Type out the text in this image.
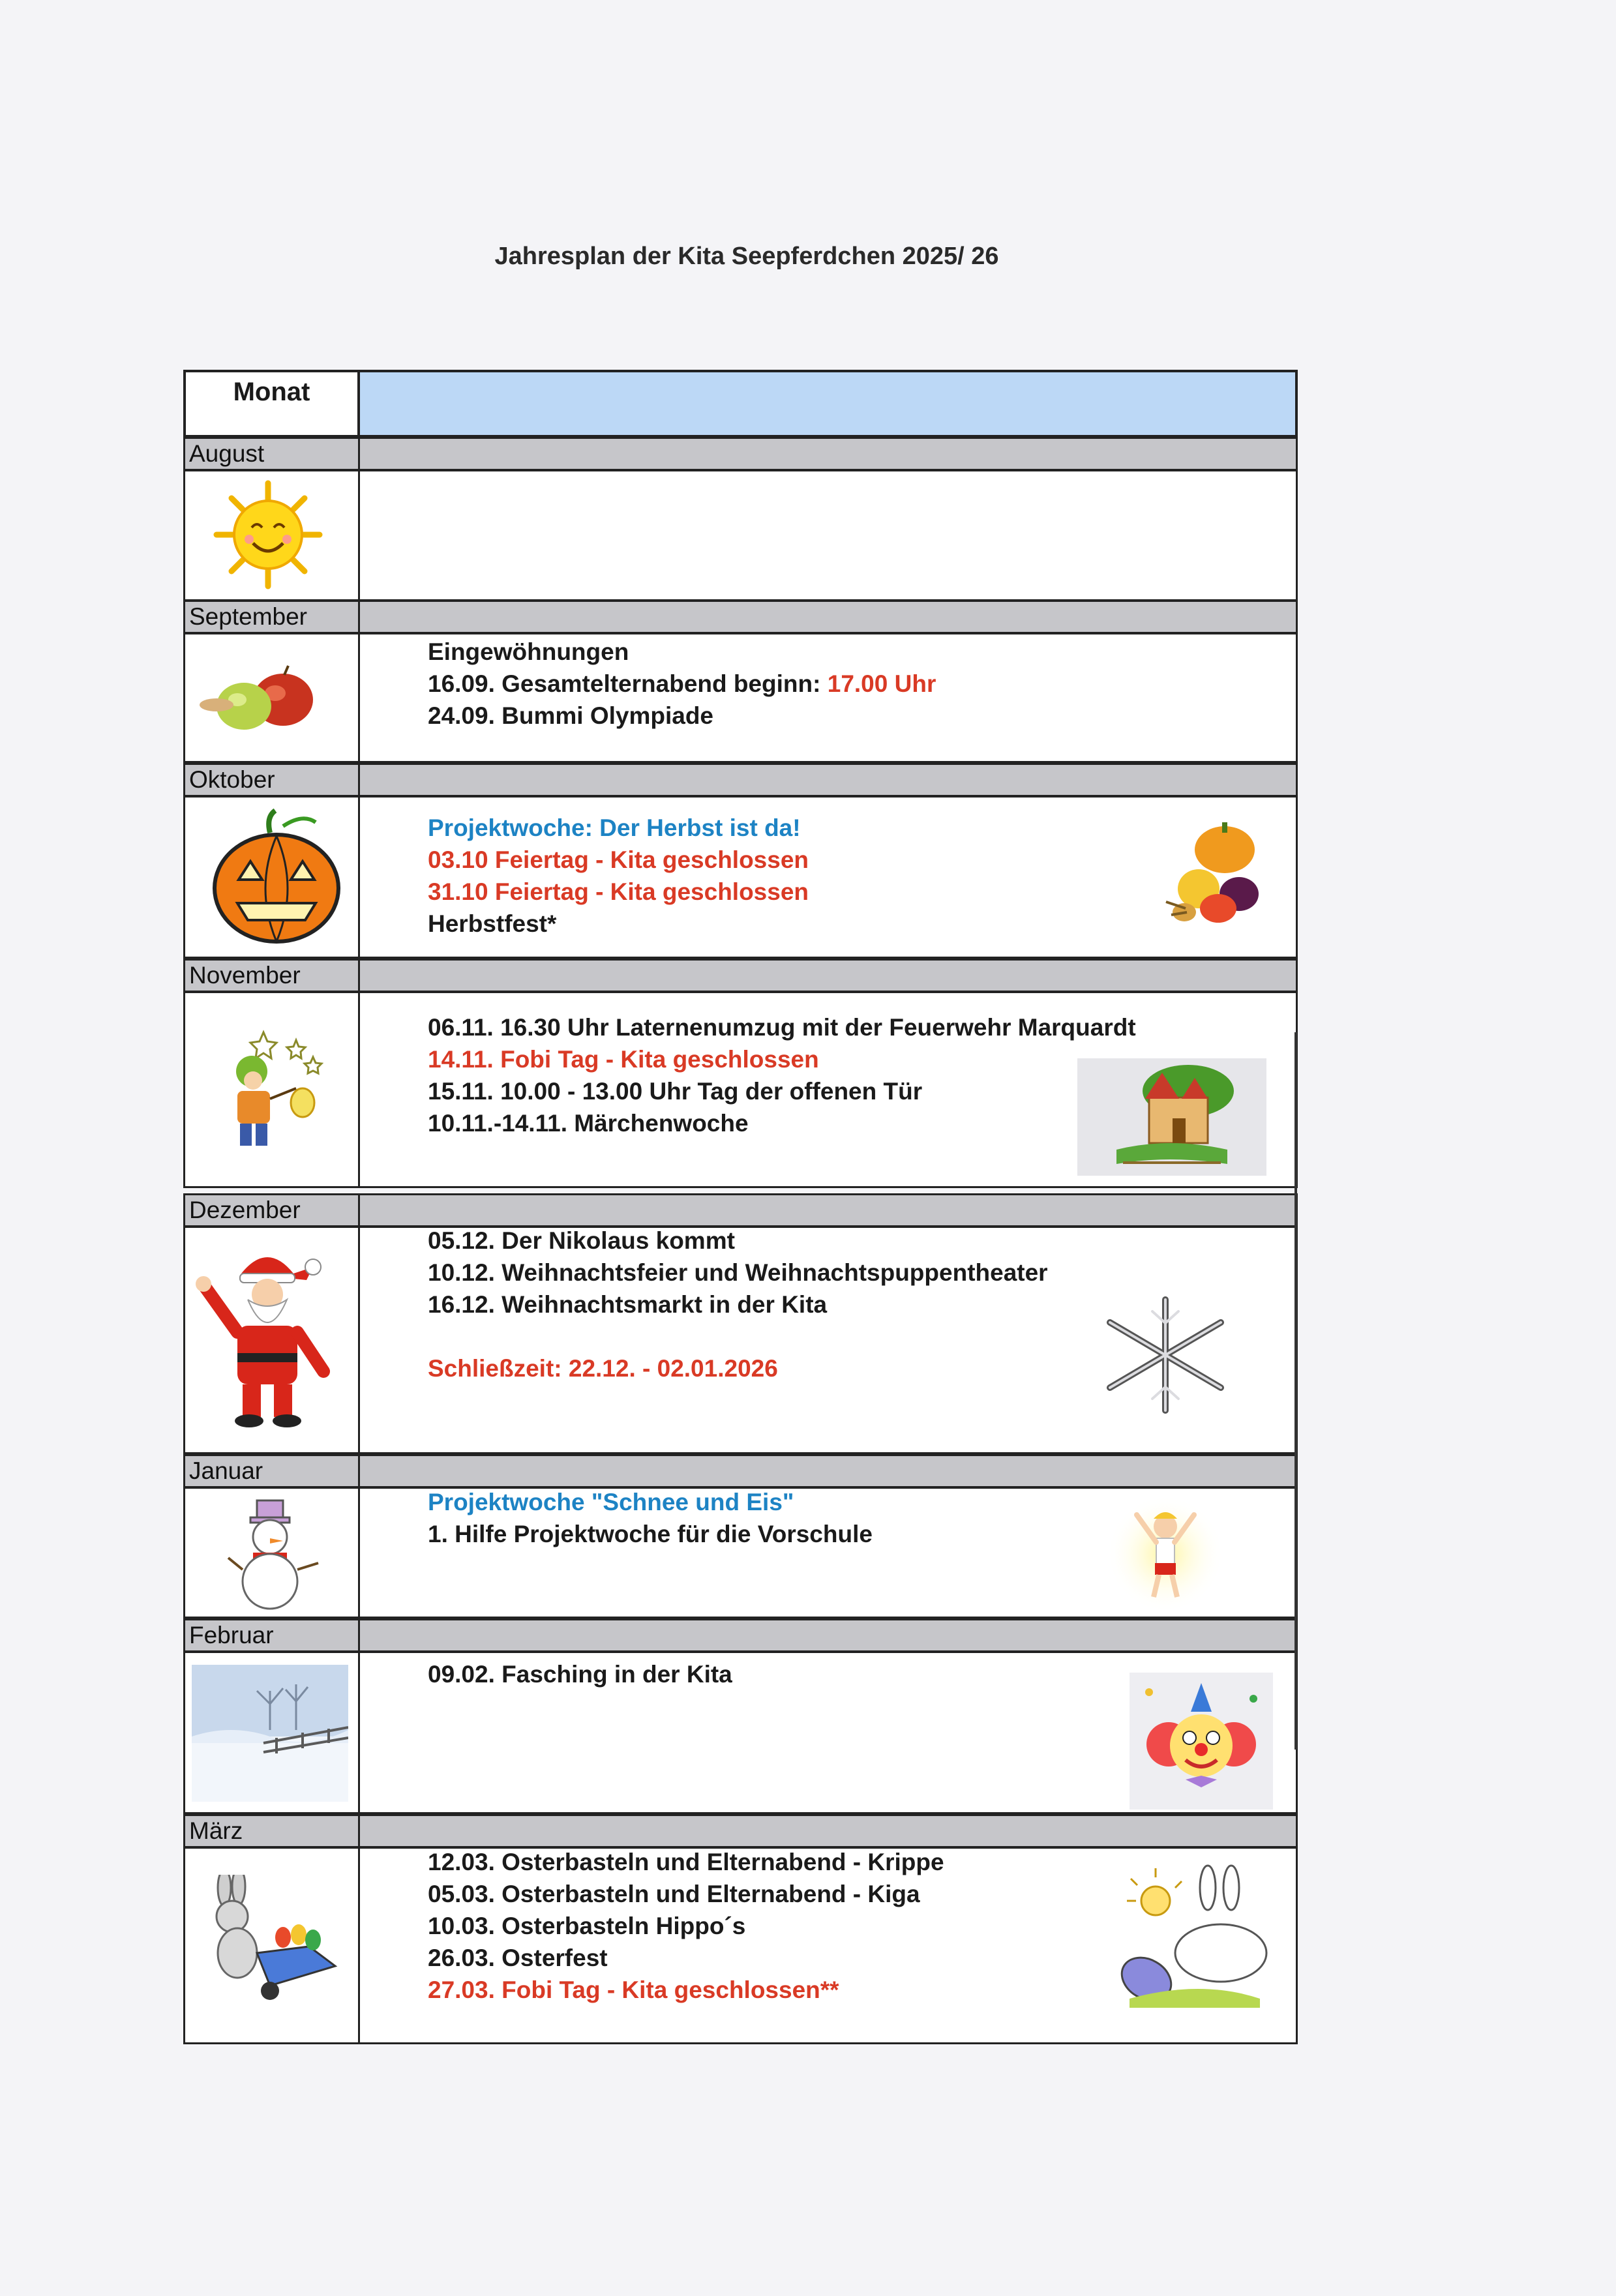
Jahresplan der Kita Seepferdchen 2025/ 26
Monat
August
September
Eingewöhnungen
16.09. Gesamtelternabend beginn: 17.00 Uhr
24.09. Bummi Olympiade
Oktober
Projektwoche: Der Herbst ist da!
03.10 Feiertag - Kita geschlossen
31.10 Feiertag - Kita geschlossen
Herbstfest*
November
06.11. 16.30 Uhr Laternenumzug mit der Feuerwehr Marquardt
14.11. Fobi Tag - Kita geschlossen
15.11. 10.00 - 13.00 Uhr Tag der offenen Tür
10.11.-14.11. Märchenwoche
Dezember
05.12. Der Nikolaus kommt
10.12. Weihnachtsfeier und Weihnachtspuppentheater
16.12. Weihnachtsmarkt in der Kita
Schließzeit: 22.12. - 02.01.2026
Januar
Projektwoche "Schnee und Eis"
1. Hilfe Projektwoche für die Vorschule
Februar
09.02. Fasching in der Kita
März
12.03. Osterbasteln und Elternabend - Krippe
05.03. Osterbasteln und Elternabend - Kiga
10.03. Osterbasteln Hippo´s
26.03. Osterfest
27.03. Fobi Tag - Kita geschlossen**
